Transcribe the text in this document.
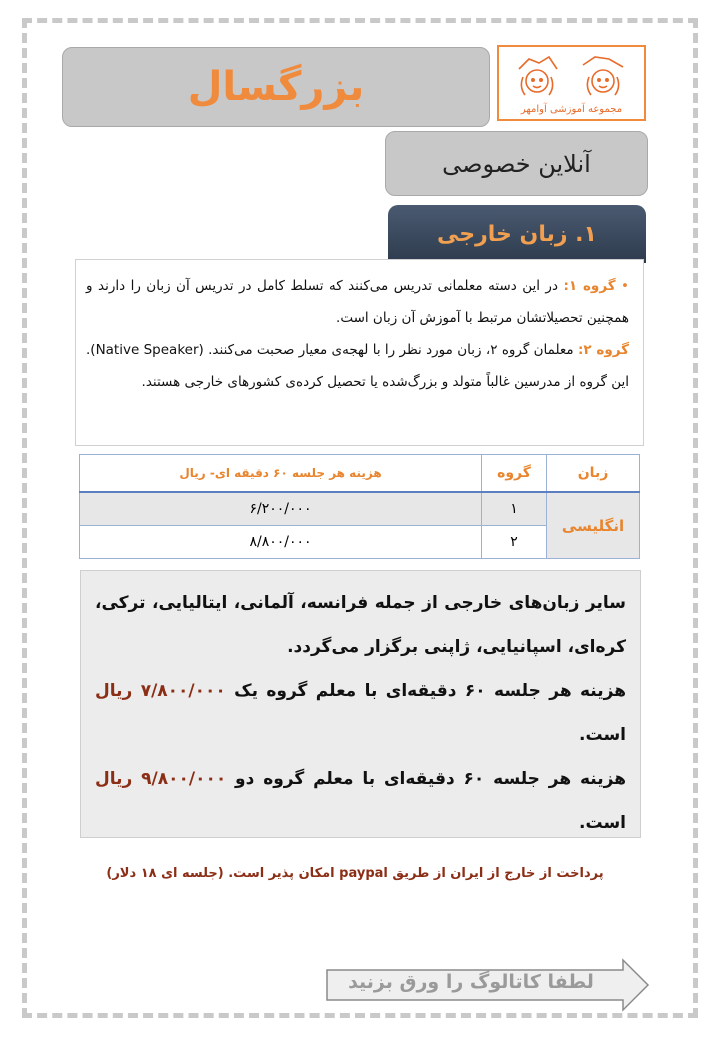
بزرگسال	مجموعه آموزشی آوامهر
آنلاین خصوصی
۱. زبان خارجی

• گروه ۱: در این دسته معلمانی تدریس می‌کنند که تسلط کامل در تدریس آن زبان را دارند و همچنین تحصیلاتشان مرتبط با آموزش آن زبان است.

گروه ۲: معلمان گروه ۲، زبان مورد نظر را با لهجه‌ی معیار صحبت می‌کنند. (Native Speaker). این گروه از مدرسین غالباً متولد و بزرگ‌شده یا تحصیل کرده‌ی کشورهای خارجی هستند.

زبان	گروه	هزینه هر جلسه ۶۰ دقیقه ای- ریال
انگلیسی	۱	۶/۲۰۰/۰۰۰
	۲	۸/۸۰۰/۰۰۰

سایر زبان‌های خارجی از جمله فرانسه، آلمانی، ایتالیایی، ترکی، کره‌ای، اسپانیایی، ژاپنی برگزار می‌گردد.

هزینه هر جلسه ۶۰ دقیقه‌ای با معلم گروه یک ۷/۸۰۰/۰۰۰ ریال است.

هزینه هر جلسه ۶۰ دقیقه‌ای با معلم گروه دو ۹/۸۰۰/۰۰۰ ریال است.

پرداخت از خارج از ایران از طریق paypal امکان پذیر است. (جلسه ای ۱۸ دلار)
لطفا کاتالوگ را ورق بزنید
